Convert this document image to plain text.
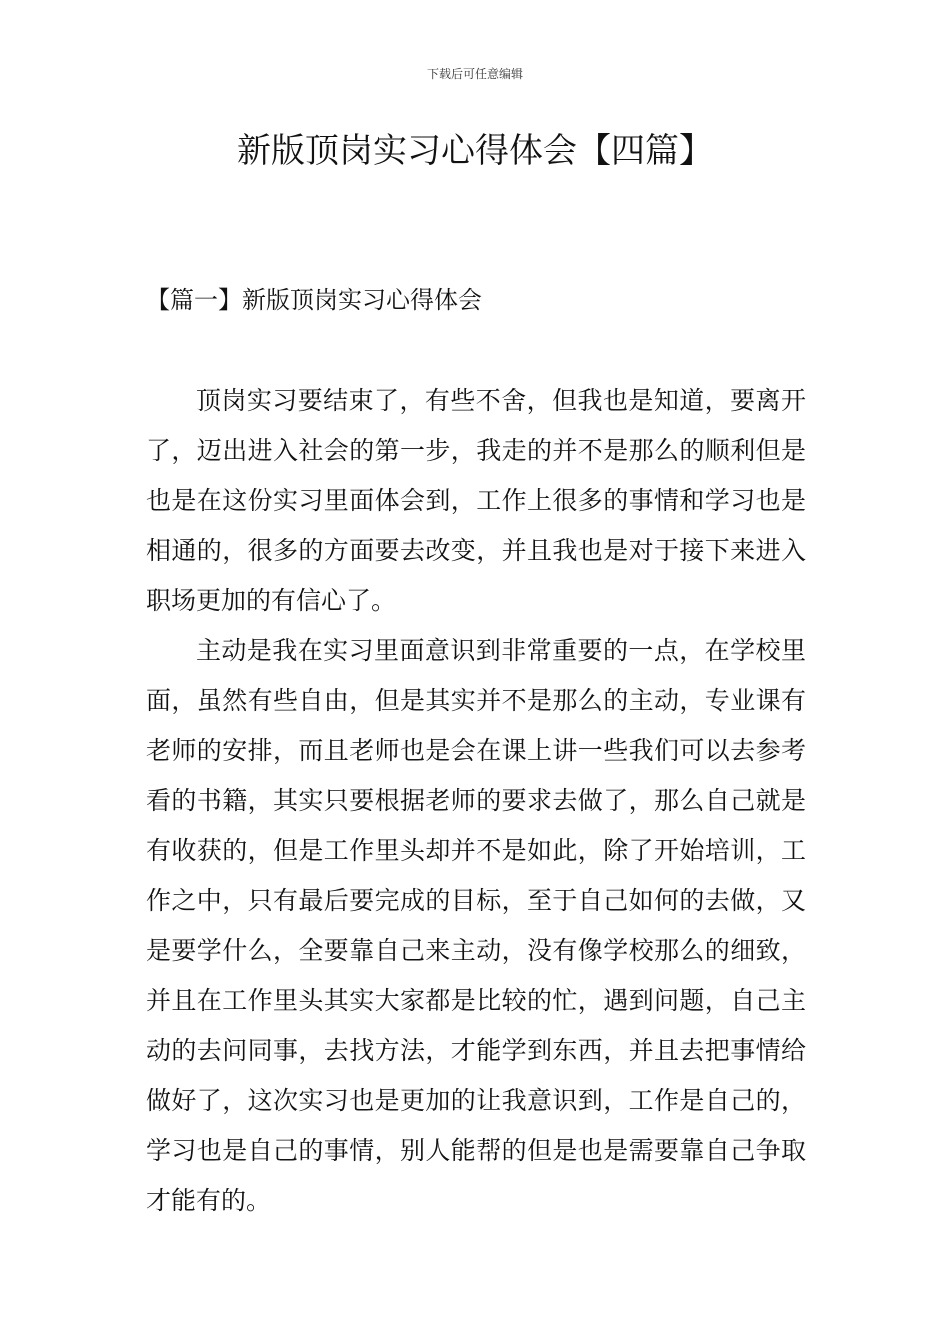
下载后可任意编辑
新版顶岗实习心得体会【四篇】
【篇一】新版顶岗实习心得体会

顶岗实习要结束了，有些不舍，但我也是知道，要离开了，迈出进入社会的第一步，我走的并不是那么的顺利但是也是在这份实习里面体会到，工作上很多的事情和学习也是相通的，很多的方面要去改变，并且我也是对于接下来进入职场更加的有信心了。

主动是我在实习里面意识到非常重要的一点，在学校里面，虽然有些自由，但是其实并不是那么的主动，专业课有老师的安排，而且老师也是会在课上讲一些我们可以去参考看的书籍，其实只要根据老师的要求去做了，那么自己就是有收获的，但是工作里头却并不是如此，除了开始培训，工作之中，只有最后要完成的目标，至于自己如何的去做，又是要学什么，全要靠自己来主动，没有像学校那么的细致，并且在工作里头其实大家都是比较的忙，遇到问题，自己主动的去问同事，去找方法，才能学到东西，并且去把事情给做好了，这次实习也是更加的让我意识到，工作是自己的，学习也是自己的事情，别人能帮的但是也是需要靠自己争取才能有的。
